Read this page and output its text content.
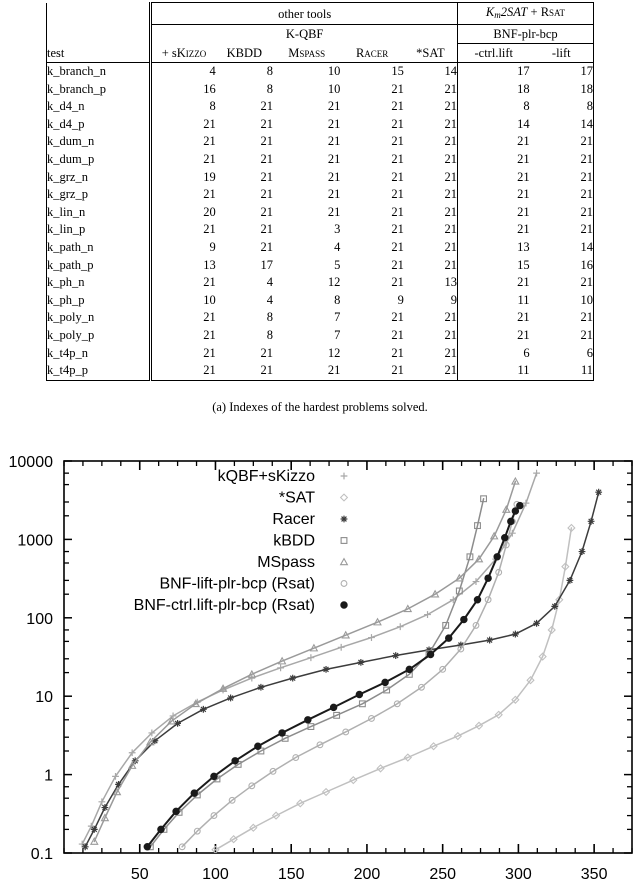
	other tools					$K_m2SAT$ + Rsat	
	K-QBF					BNF-plr-bcp	
test	+ sKizzo	KBDD	Mspass	Racer	*SAT	-ctrl.lift	-lift
k_branch_n	4	8	10	15	14	17	17
k_branch_p	16	8	10	21	21	18	18
k_d4_n	8	21	21	21	21	8	8
k_d4_p	21	21	21	21	21	14	14
k_dum_n	21	21	21	21	21	21	21
k_dum_p	21	21	21	21	21	21	21
k_grz_n	19	21	21	21	21	21	21
k_grz_p	21	21	21	21	21	21	21
k_lin_n	20	21	21	21	21	21	21
k_lin_p	21	21	3	21	21	21	21
k_path_n	9	21	4	21	21	13	14
k_path_p	13	17	5	21	21	15	16
k_ph_n	21	4	12	21	13	21	21
k_ph_p	10	4	8	9	9	11	10
k_poly_n	21	8	7	21	21	21	21
k_poly_p	21	8	7	21	21	21	21
k_t4p_n	21	21	12	21	21	6	6
k_t4p_p	21	21	21	21	21	11	11
(a) Indexes of the hardest problems solved.
0.1
1
10
100
1000
10000
50	100	150	200	250	300	350
kQBF+sKizzo
*SAT
Racer
kBDD
MSpass
BNF-lift-plr-bcp (Rsat)
BNF-ctrl.lift-plr-bcp (Rsat)
